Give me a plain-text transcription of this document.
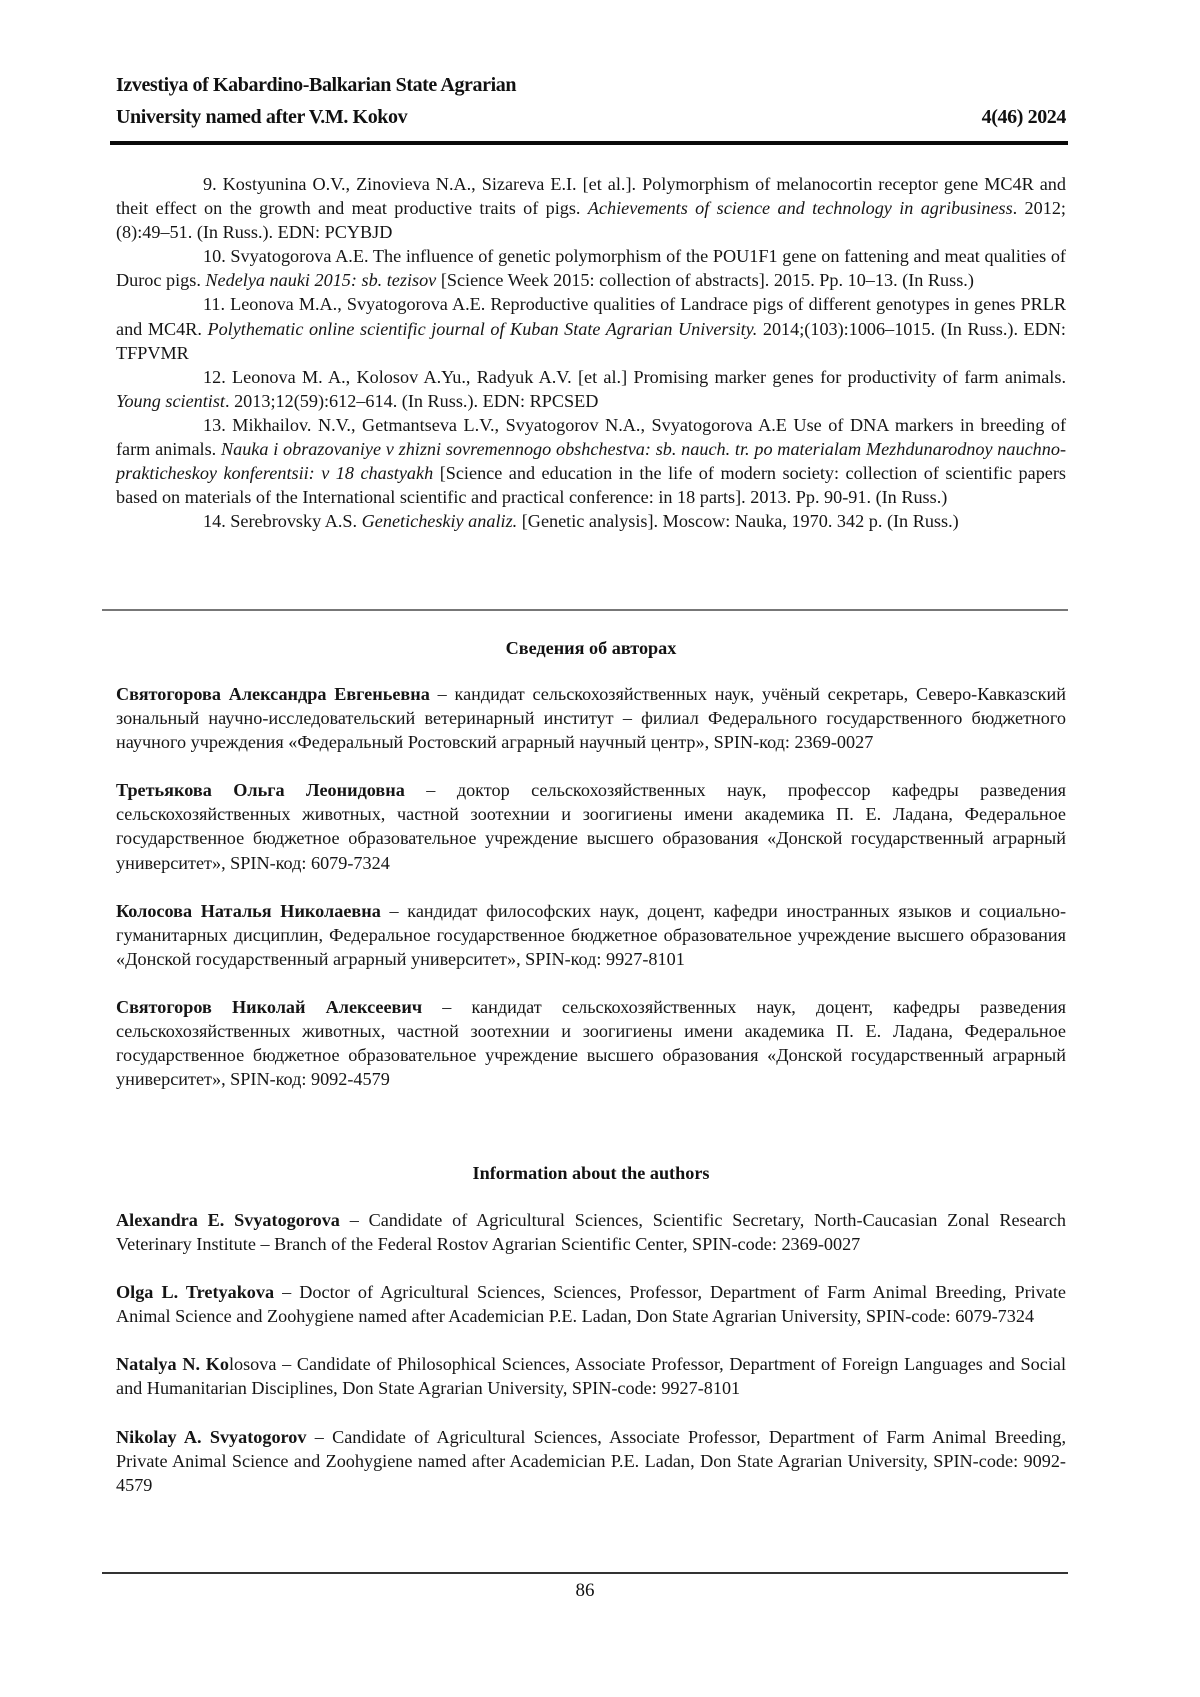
Izvestiya of Kabardino-Balkarian State Agrarian
University named after V.M. Kokov	4(46) 2024

9. Kostyunina O.V., Zinovieva N.A., Sizareva E.I. [et al.]. Polymorphism of melanocortin receptor gene MC4R and theit effect on the growth and meat productive traits of pigs. Achievements of science and technology in agribusiness. 2012;(8):49–51. (In Russ.). EDN: PCYBJD

10. Svyatogorova A.E. The influence of genetic polymorphism of the POU1F1 gene on fattening and meat qualities of Duroc pigs. Nedelya nauki 2015: sb. tezisov [Science Week 2015: collection of abstracts]. 2015. Pp. 10–13. (In Russ.)

11. Leonova M.A., Svyatogorova A.E. Reproductive qualities of Landrace pigs of different genotypes in genes PRLR and MC4R. Polythematic online scientific journal of Kuban State Agrarian University. 2014;(103):1006–1015. (In Russ.). EDN: TFPVMR

12. Leonova M. A., Kolosov A.Yu., Radyuk A.V. [et al.] Promising marker genes for productivity of farm animals. Young scientist. 2013;12(59):612–614. (In Russ.). EDN: RPCSED

13. Mikhailov. N.V., Getmantseva L.V., Svyatogorov N.A., Svyatogorova A.E Use of DNA markers in breeding of farm animals. Nauka i obrazovaniye v zhizni sovremennogo obshchestva: sb. nauch. tr. po materialam Mezhdunarodnoy nauchno-prakticheskoy konferentsii: v 18 chastyakh [Science and education in the life of modern society: collection of scientific papers based on materials of the International scientific and practical conference: in 18 parts]. 2013. Pp. 90-91. (In Russ.)

14. Serebrovsky A.S. Geneticheskiy analiz. [Genetic analysis]. Moscow: Nauka, 1970. 342 p. (In Russ.)

Сведения об авторах

Святогорова Александра Евгеньевна – кандидат сельскохозяйственных наук, учёный секретарь, Северо-Кавказский зональный научно-исследовательский ветеринарный институт – филиал Федерального государственного бюджетного научного учреждения «Федеральный Ростовский аграрный научный центр», SPIN-код: 2369-0027

Третьякова Ольга Леонидовна – доктор сельскохозяйственных наук, профессор кафедры разведения сельскохозяйственных животных, частной зоотехнии и зоогигиены имени академика П. Е. Ладана, Федеральное государственное бюджетное образовательное учреждение высшего образования «Донской государственный аграрный университет», SPIN-код: 6079-7324

Колосова Наталья Николаевна – кандидат философских наук, доцент, кафедри иностранных языков и социально-гуманитарных дисциплин, Федеральное государственное бюджетное образовательное учреждение высшего образования «Донской государственный аграрный университет», SPIN-код: 9927-8101

Святогоров Николай Алексеевич – кандидат сельскохозяйственных наук, доцент, кафедры разведения сельскохозяйственных животных, частной зоотехнии и зоогигиены имени академика П. Е. Ладана, Федеральное государственное бюджетное образовательное учреждение высшего образования «Донской государственный аграрный университет», SPIN-код: 9092-4579

Information about the authors

Alexandra E. Svyatogorova – Candidate of Agricultural Sciences, Scientific Secretary, North-Caucasian Zonal Research Veterinary Institute – Branch of the Federal Rostov Agrarian Scientific Center, SPIN-code: 2369-0027

Olga L. Tretyakova – Doctor of Agricultural Sciences, Sciences, Professor, Department of Farm Animal Breeding, Private Animal Science and Zoohygiene named after Academician P.E. Ladan, Don State Agrarian University, SPIN-code: 6079-7324

Natalya N. Kolosova – Candidate of Philosophical Sciences, Associate Professor, Department of Foreign Languages and Social and Humanitarian Disciplines, Don State Agrarian University, SPIN-code: 9927-8101

Nikolay A. Svyatogorov – Candidate of Agricultural Sciences, Associate Professor, Department of Farm Animal Breeding, Private Animal Science and Zoohygiene named after Academician P.E. Ladan, Don State Agrarian University, SPIN-code: 9092-4579

86
